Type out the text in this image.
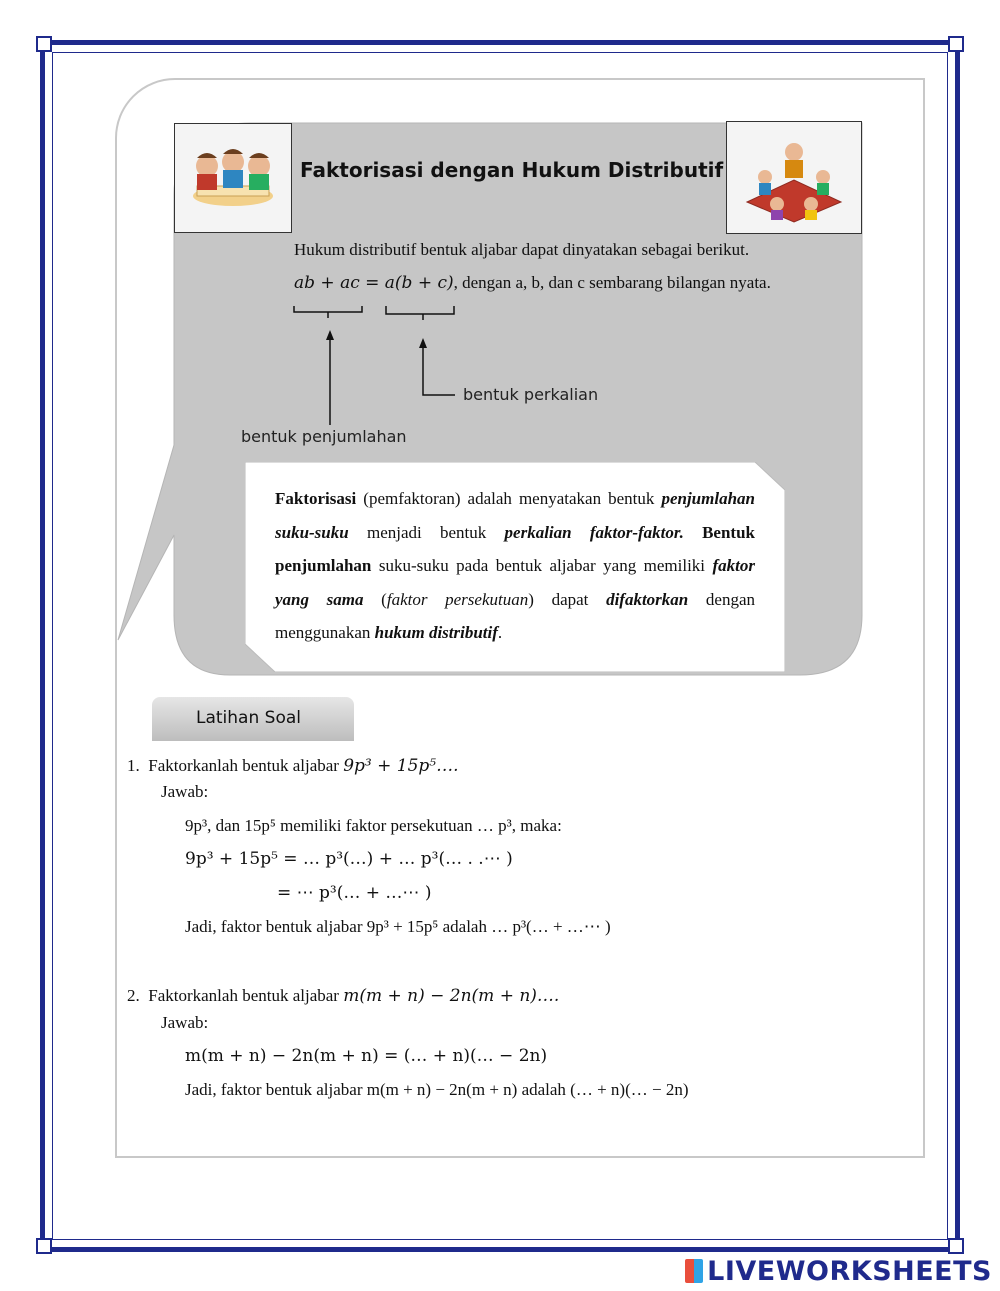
Faktorisasi dengan Hukum Distributif
Hukum distributif bentuk aljabar dapat dinyatakan sebagai berikut.
ab + ac = a(b + c), dengan a, b, dan c sembarang bilangan nyata.
bentuk perkalian
bentuk penjumlahan
Faktorisasi (pemfaktoran) adalah menyatakan bentuk penjumlahan suku-suku menjadi bentuk perkalian faktor-faktor. Bentuk penjumlahan suku-suku pada bentuk aljabar yang memiliki faktor yang sama (faktor persekutuan) dapat difaktorkan dengan menggunakan hukum distributif.
Latihan Soal
1. Faktorkanlah bentuk aljabar 9p³ + 15p⁵….
Jawab:
9p³, dan 15p⁵ memiliki faktor persekutuan … p³, maka:
9p³ + 15p⁵ = … p³(…) + … p³(… . .⋯ )
= ⋯ p³(… + …⋯ )
Jadi, faktor bentuk aljabar 9p³ + 15p⁵ adalah … p³(… + …⋯ )
2. Faktorkanlah bentuk aljabar m(m + n) − 2n(m + n)….
Jawab:
m(m + n) − 2n(m + n) = (… + n)(… − 2n)
Jadi, faktor bentuk aljabar m(m + n) − 2n(m + n) adalah (… + n)(… − 2n)
LIVEWORKSHEETS
